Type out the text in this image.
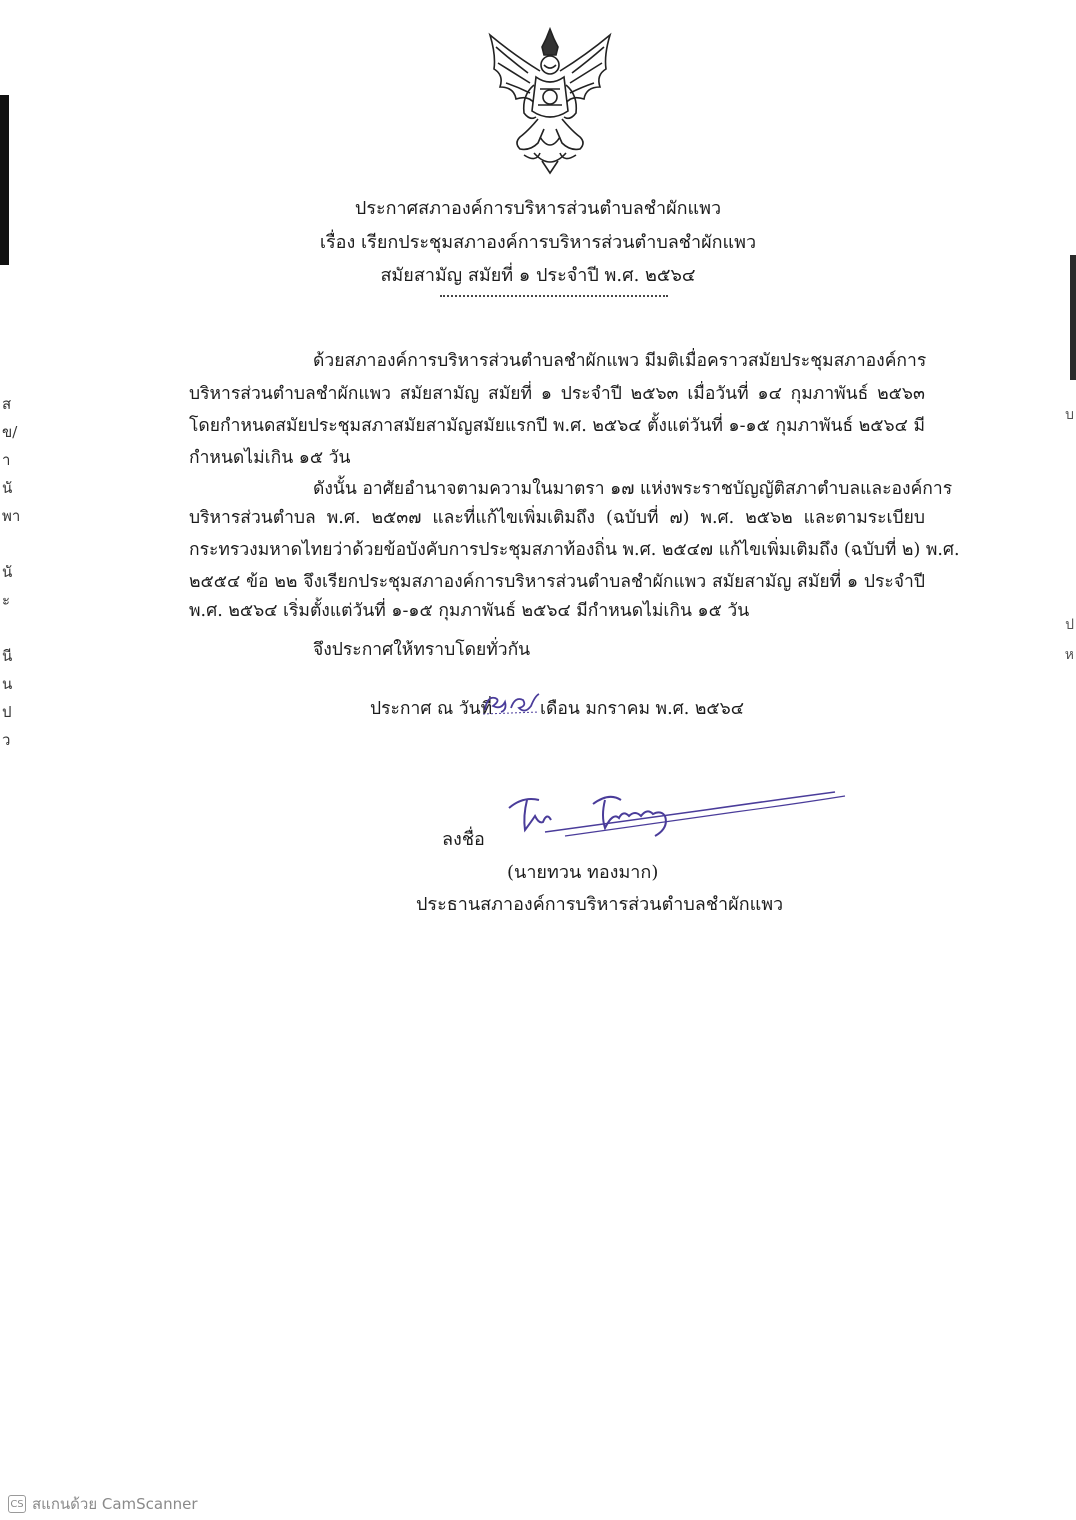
ส
ข/
า
นั
พา

นั
ะ

นี
น
ป
ว
บ

ป
ห
ประกาศสภาองค์การบริหารส่วนตำบลชำผักแพว
เรื่อง เรียกประชุมสภาองค์การบริหารส่วนตำบลชำผักแพว
สมัยสามัญ สมัยที่ ๑ ประจำปี พ.ศ. ๒๕๖๔
ด้วยสภาองค์การบริหารส่วนตำบลชำผักแพว มีมติเมื่อคราวสมัยประชุมสภาองค์การ
บริหารส่วนตำบลชำผักแพว สมัยสามัญ สมัยที่ ๑ ประจำปี ๒๕๖๓ เมื่อวันที่ ๑๔ กุมภาพันธ์ ๒๕๖๓
โดยกำหนดสมัยประชุมสภาสมัยสามัญสมัยแรกปี พ.ศ. ๒๕๖๔ ตั้งแต่วันที่ ๑-๑๕ กุมภาพันธ์ ๒๕๖๔ มี
กำหนดไม่เกิน ๑๕ วัน
ดังนั้น อาศัยอำนาจตามความในมาตรา ๑๗ แห่งพระราชบัญญัติสภาตำบลและองค์การ
บริหารส่วนตำบล พ.ศ. ๒๕๓๗ และที่แก้ไขเพิ่มเติมถึง (ฉบับที่ ๗) พ.ศ. ๒๕๖๒ และตามระเบียบ
กระทรวงมหาดไทยว่าด้วยข้อบังคับการประชุมสภาท้องถิ่น พ.ศ. ๒๕๔๗ แก้ไขเพิ่มเติมถึง (ฉบับที่ ๒) พ.ศ.
๒๕๕๔ ข้อ ๒๒ จึงเรียกประชุมสภาองค์การบริหารส่วนตำบลชำผักแพว สมัยสามัญ สมัยที่ ๑ ประจำปี
พ.ศ. ๒๕๖๔ เริ่มตั้งแต่วันที่ ๑-๑๕ กุมภาพันธ์ ๒๕๖๔ มีกำหนดไม่เกิน ๑๕ วัน
จึงประกาศให้ทราบโดยทั่วกัน
ประกาศ ณ วันที่	เดือน มกราคม พ.ศ. ๒๕๖๔
ลงชื่อ
(นายทวน ทองมาก)
ประธานสภาองค์การบริหารส่วนตำบลชำผักแพว
CS สแกนด้วย CamScanner
